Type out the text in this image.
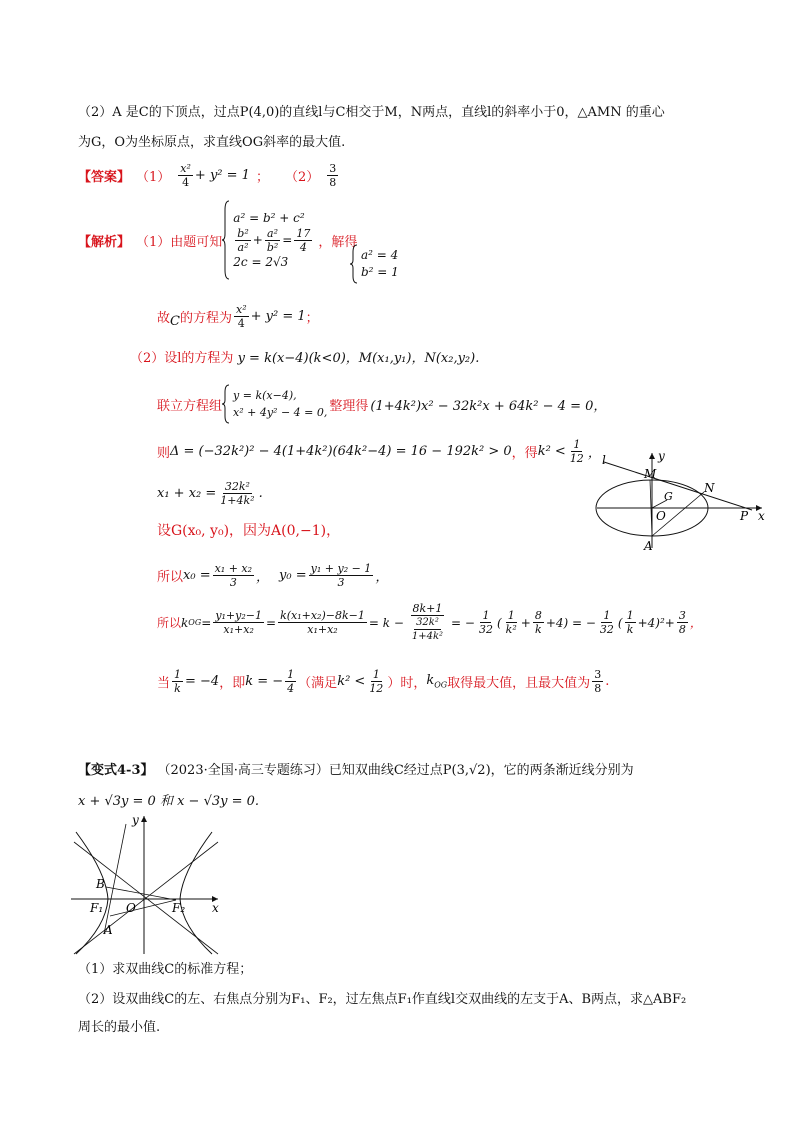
（2）A 是C的下顶点，过点P(4,0)的直线l与C相交于M，N两点，直线l的斜率小于0，△AMN 的重心
为G，O为坐标原点，求直线OG斜率的最大值.
【答案】 $(1) \frac{\text{x²}}{4} + y^2 = 1$ ； $(2) \frac{3}{8}$
【解析】 （1）由题可知
a² = b² + c²
$\frac{\text{b²}}{\text{a²}} + \frac{\text{a²}}{\text{b²}} = \frac{17}{4}$
2c = 2√3
，解得
a² = 4
b² = 1
故 C 的方程为 $\frac{\text{x²}}{4} + y^2 = 1$ ；
（2）设l的方程为 y = k(x−4)(k<0)，M(x₁,y₁)，N(x₂,y₂).
联立方程组
y = k(x−4),
x² + 4y² − 4 = 0, 整理得 (1+4k²)x² − 32k²x + 64k² − 4 = 0，
则 Δ = (−32k²)² − 4(1+4k²)(64k²−4) = 16 − 192k² > 0 ，得 $k^2 < \frac{1}{12}$ ，
$x_1 + x_2 = \frac{\text{32k²}}{\text{1+4k²}}$ .
设G(x₀, y₀)，因为A(0,−1)，
所以 $x_0 = \frac{\text{x₁ + x₂}}{3}$ ， $y_0 = \frac{\text{y₁ + y₂ − 1}}{3}$ ，
所以 k OG = $\frac{\text{y₁+y₂−1}}{\text{x₁+x₂}} = \frac{\text{k(x₁+x₂)−8k−1}}{\text{x₁+x₂}} = k - \frac{8k+1}{\frac{\text{32k²}}{\text{1+4k²}}}$ = − $\frac{1}{32}$ ( $\frac{1}{\text{k²}} + \frac{8}{k} +4$) = − $\frac{1}{32}$ ( $\frac{1}{k} +4)^2+ \frac{3}{8}$ ，
当 $\frac{1}{k} = -4$ ，即 k = − $\frac{1}{4}$ （满足 $k^2 < \frac{1}{12}$ ）时， $k_{OG}$ 取得最大值，且最大值为 $\frac{3}{8}$ .
y
l
M
N
G
O	P x
A
【变式4-3】 （2023·全国·高三专题练习） 已知双曲线C经过点P(3,√2)，它的两条渐近线分别为
x + √3y = 0 和 x − √3y = 0.
y
B
F₁ O	F₂ x
A
（1）求双曲线C的标准方程；
（2）设双曲线C的左、右焦点分别为F₁、F₂，过左焦点F₁作直线l交双曲线的左支于A、B两点，求△ABF₂
周长的最小值.
